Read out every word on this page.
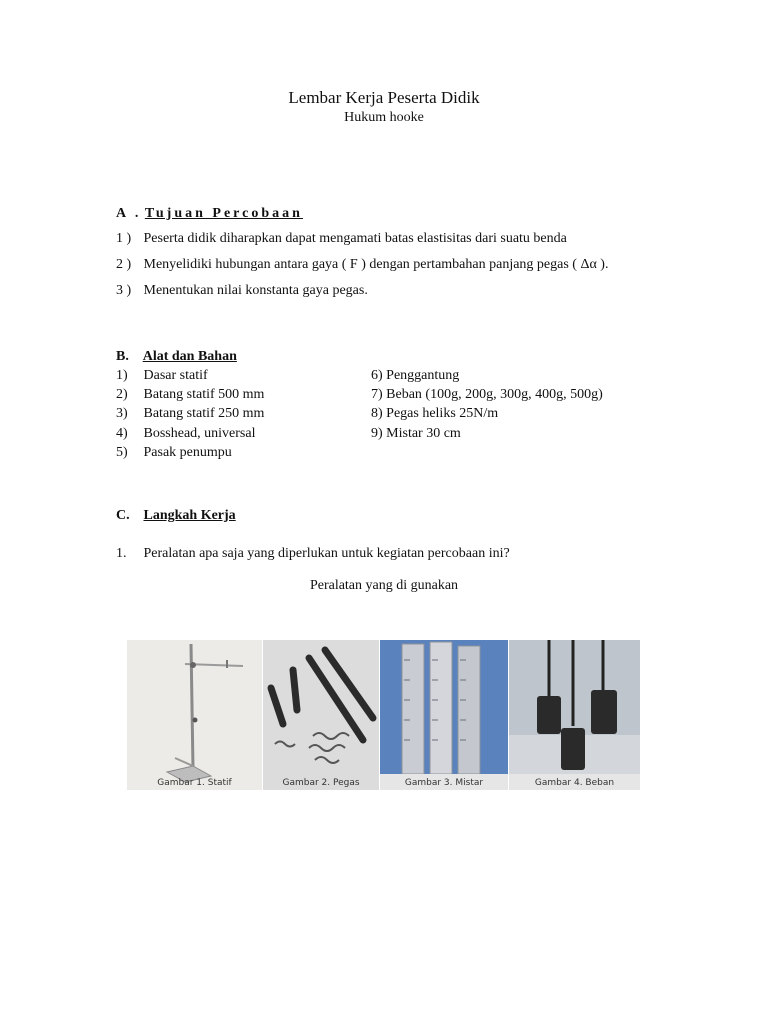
Lembar Kerja Peserta Didik
Hukum hooke
A . Tujuan Percobaan
1 ) Peserta didik diharapkan dapat mengamati batas elastisitas dari suatu benda
2 ) Menyelidiki hubungan antara gaya ( F ) dengan pertambahan panjang pegas ( Δα ).
3 ) Menentukan nilai konstanta gaya pegas.
B. Alat dan Bahan
1) Dasar statif
2) Batang statif 500 mm
3) Batang statif 250 mm
4) Bosshead, universal
5) Pasak penumpu
6) Penggantung
7) Beban (100g, 200g, 300g, 400g, 500g)
8) Pegas heliks 25N/m
9) Mistar 30 cm
C. Langkah Kerja
1. Peralatan apa saja yang diperlukan untuk kegiatan percobaan ini?
Peralatan yang di gunakan
Gambar 1. Statif	Gambar 2. Pegas	Gambar 3. Mistar	Gambar 4. Beban
